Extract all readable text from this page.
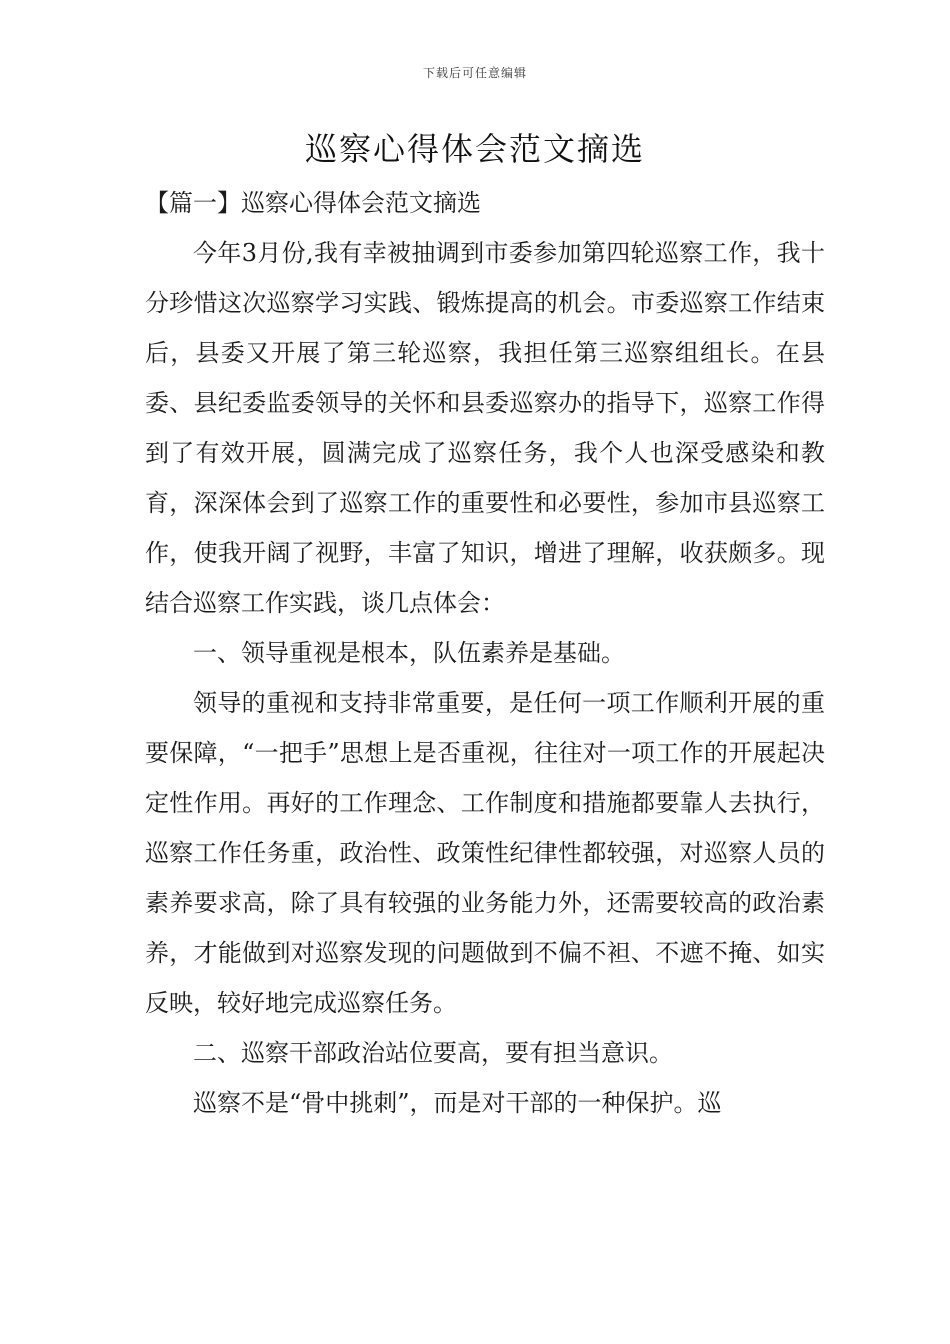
下载后可任意编辑
巡察心得体会范文摘选

【篇一】巡察心得体会范文摘选

今年3月份,我有幸被抽调到市委参加第四轮巡察工作，我十分珍惜这次巡察学习实践、锻炼提高的机会。市委巡察工作结束后，县委又开展了第三轮巡察，我担任第三巡察组组长。在县委、县纪委监委领导的关怀和县委巡察办的指导下，巡察工作得到了有效开展，圆满完成了巡察任务，我个人也深受感染和教育，深深体会到了巡察工作的重要性和必要性，参加市县巡察工作，使我开阔了视野，丰富了知识，增进了理解，收获颇多。现结合巡察工作实践，谈几点体会：

一、领导重视是根本，队伍素养是基础。

领导的重视和支持非常重要，是任何一项工作顺利开展的重要保障，“一把手”思想上是否重视，往往对一项工作的开展起决定性作用。再好的工作理念、工作制度和措施都要靠人去执行，巡察工作任务重，政治性、政策性纪律性都较强，对巡察人员的素养要求高，除了具有较强的业务能力外，还需要较高的政治素养，才能做到对巡察发现的问题做到不偏不袒、不遮不掩、如实反映，较好地完成巡察任务。

二、巡察干部政治站位要高，要有担当意识。

巡察不是“骨中挑刺”，而是对干部的一种保护。巡
